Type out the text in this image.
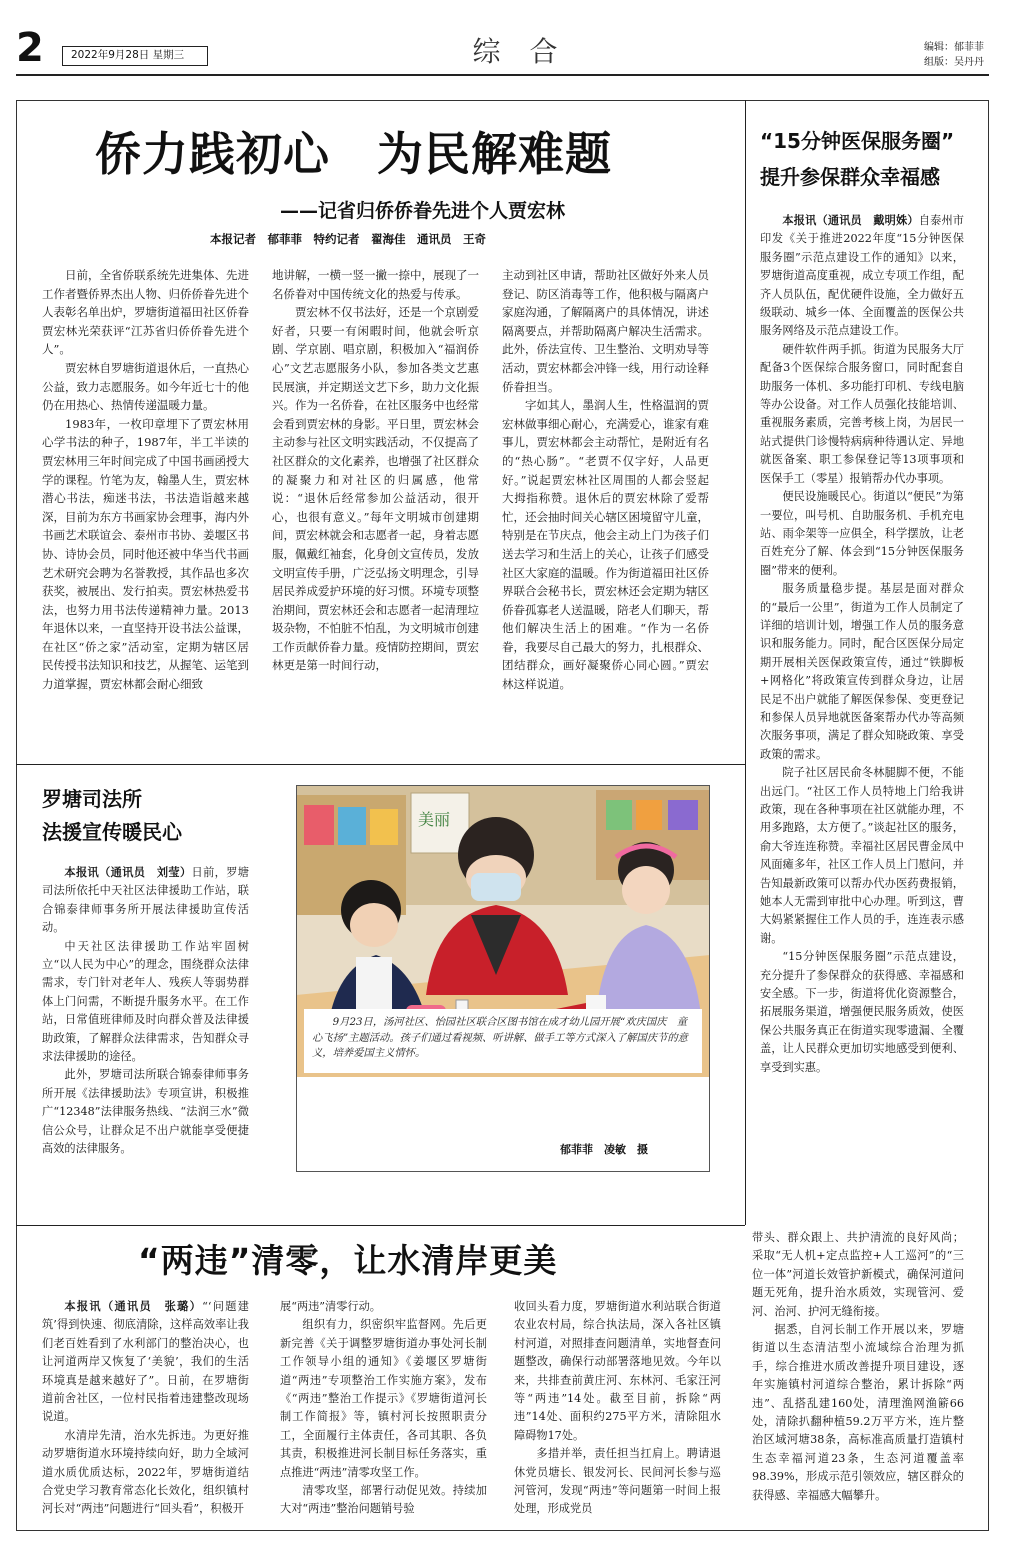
2	2022年9月28日 星期三	综 合	编辑：郁菲菲
组版：吴丹丹
侨力践初心　为民解难题
——记省归侨侨眷先进个人贾宏林
本报记者　郁菲菲　特约记者　翟海佳　通讯员　王奇

日前，全省侨联系统先进集体、先进工作者暨侨界杰出人物、归侨侨眷先进个人表彰名单出炉，罗塘街道福田社区侨眷贾宏林光荣获评“江苏省归侨侨眷先进个人”。

贾宏林自罗塘街道退休后，一直热心公益，致力志愿服务。如今年近七十的他仍在用热心、热情传递温暖力量。

1983年，一枚印章埋下了贾宏林用心学书法的种子，1987年，半工半读的贾宏林用三年时间完成了中国书画函授大学的课程。竹笔为友，翰墨人生，贾宏林潜心书法，痴迷书法，书法造诣越来越深，目前为东方书画家协会理事，海内外书画艺术联谊会、泰州市书协、姜堰区书协、诗协会员，同时他还被中华当代书画艺术研究会聘为名誉教授，其作品也多次获奖，被展出、发行拍卖。贾宏林热爱书法，也努力用书法传递精神力量。2013年退休以来，一直坚持开设书法公益课，在社区“侨之家”活动室，定期为辖区居民传授书法知识和技艺，从握笔、运笔到力道掌握，贾宏林都会耐心细致

地讲解，一横一竖一撇一捺中，展现了一名侨眷对中国传统文化的热爱与传承。

贾宏林不仅书法好，还是一个京剧爱好者，只要一有闲暇时间，他就会听京剧、学京剧、唱京剧，积极加入“福润侨心”文艺志愿服务小队，参加各类文艺惠民展演，并定期送文艺下乡，助力文化振兴。作为一名侨眷，在社区服务中也经常会看到贾宏林的身影。平日里，贾宏林会主动参与社区文明实践活动，不仅提高了社区群众的文化素养，也增强了社区群众的凝聚力和对社区的归属感，他常说：“退休后经常参加公益活动，很开心，也很有意义。”每年文明城市创建期间，贾宏林就会和志愿者一起，身着志愿服，佩戴红袖套，化身创文宣传员，发放文明宣传手册，广泛弘扬文明理念，引导居民养成爱护环境的好习惯。环境专项整治期间，贾宏林还会和志愿者一起清理垃圾杂物，不怕脏不怕乱，为文明城市创建工作贡献侨眷力量。疫情防控期间，贾宏林更是第一时间行动，

主动到社区申请，帮助社区做好外来人员登记、防区消毒等工作，他积极与隔离户家庭沟通，了解隔离户的具体情况，讲述隔离要点，并帮助隔离户解决生活需求。此外，侨法宣传、卫生整治、文明劝导等活动，贾宏林都会冲锋一线，用行动诠释侨眷担当。

字如其人，墨润人生，性格温润的贾宏林做事细心耐心，充满爱心，谁家有难事儿，贾宏林都会主动帮忙，是附近有名的“热心肠”。“老贾不仅字好，人品更好。”说起贾宏林社区周围的人都会竖起大拇指称赞。退休后的贾宏林除了爱帮忙，还会抽时间关心辖区困境留守儿童，特别是在节庆点，他会主动上门为孩子们送去学习和生活上的关心，让孩子们感受社区大家庭的温暖。作为街道福田社区侨界联合会秘书长，贾宏林还会定期为辖区侨眷孤寡老人送温暖，陪老人们聊天，帮他们解决生活上的困难。“作为一名侨眷，我要尽自己最大的努力，扎根群众、团结群众，画好凝聚侨心同心圆。”贾宏林这样说道。

“15分钟医保服务圈”
提升参保群众幸福感

本报讯（通讯员　戴明姝）自泰州市印发《关于推进2022年度“15分钟医保服务圈”示范点建设工作的通知》以来，罗塘街道高度重视，成立专项工作组，配齐人员队伍，配优硬件设施，全力做好五级联动、城乡一体、全面覆盖的医保公共服务网络及示范点建设工作。

硬件软件两手抓。街道为民服务大厅配备3个医保综合服务窗口，同时配套自助服务一体机、多功能打印机、专线电脑等办公设备。对工作人员强化技能培训、重视服务素质，完善考核上岗，为居民一站式提供门诊慢特病病种待遇认定、异地就医备案、职工参保登记等13项事项和医保手工（零星）报销帮办代办事项。

便民设施暖民心。街道以“便民”为第一要位，叫号机、自助服务机、手机充电站、雨伞架等一应俱全，科学摆放，让老百姓充分了解、体会到“15分钟医保服务圈”带来的便利。

服务质量稳步提。基层是面对群众的“最后一公里”，街道为工作人员制定了详细的培训计划，增强工作人员的服务意识和服务能力。同时，配合区医保分局定期开展相关医保政策宣传，通过“铁脚板+网格化”将政策宣传到群众身边，让居民足不出户就能了解医保参保、变更登记和参保人员异地就医备案帮办代办等高频次服务事项，满足了群众知晓政策、享受政策的需求。

院子社区居民俞冬林腿脚不便，不能出远门。“社区工作人员特地上门给我讲政策，现在各种事项在社区就能办理，不用多跑路，太方便了。”谈起社区的服务，俞大爷连连称赞。幸福社区居民曹金凤中风面瘫多年，社区工作人员上门慰问，并告知最新政策可以帮办代办医药费报销，她本人无需到审批中心办理。听到这，曹大妈紧紧握住工作人员的手，连连表示感谢。

“15分钟医保服务圈”示范点建设，充分提升了参保群众的获得感、幸福感和安全感。下一步，街道将优化资源整合，拓展服务渠道，增强便民服务质效，使医保公共服务真正在街道实现零遗漏、全覆盖，让人民群众更加切实地感受到便利、享受到实惠。

罗塘司法所
法援宣传暖民心

本报讯（通讯员　刘莹）日前，罗塘司法所依托中天社区法律援助工作站，联合锦泰律师事务所开展法律援助宣传活动。

中天社区法律援助工作站牢固树立“以人民为中心”的理念，围绕群众法律需求，专门针对老年人、残疾人等弱势群体上门问需，不断提升服务水平。在工作站，日常值班律师及时向群众普及法律援助政策，了解群众法律需求，告知群众寻求法律援助的途径。

此外，罗塘司法所联合锦泰律师事务所开展《法律援助法》专项宣讲，积极推广“12348”法律服务热线、“法润三水”微信公众号，让群众足不出户就能享受便捷高效的法律服务。

美丽
9月23日，汤河社区、怡园社区联合区图书馆在成才幼儿园开展“欢庆国庆　童心飞扬”主题活动。孩子们通过看视频、听讲解、做手工等方式深入了解国庆节的意义，培养爱国主义情怀。
郁菲菲　凌敏　摄
“两违”清零，让水清岸更美

本报讯（通讯员　张璐）“‘问题建筑’得到快速、彻底清除，这样高效率让我们老百姓看到了水利部门的整治决心，也让河道两岸又恢复了‘美貌’，我们的生活环境真是越来越好了”。日前，在罗塘街道前舍社区，一位村民指着违建整改现场说道。

水清岸先清，治水先拆违。为更好推动罗塘街道水环境持续向好，助力全域河道水质优质达标，2022年，罗塘街道结合党史学习教育常态化长效化，组织镇村河长对“两违”问题进行“回头看”，积极开

展“两违”清零行动。

组织有力，织密织牢监督网。先后更新完善《关于调整罗塘街道办事处河长制工作领导小组的通知》《姜堰区罗塘街道“两违”专项整治工作实施方案》，发布《“两违”整治工作提示》《罗塘街道河长制工作简报》等，镇村河长按照职责分工，全面履行主体责任，各司其职、各负其责，积极推进河长制目标任务落实，重点推进“两违”清零攻坚工作。

清零攻坚，部署行动促见效。持续加大对“两违”整治问题销号验

收回头看力度，罗塘街道水利站联合街道农业农村局，综合执法局，深入各社区镇村河道，对照排查问题清单，实地督查问题整改，确保行动部署落地见效。今年以来，共排查前黄庄河、东林河、毛家汪河等“两违”14处。截至目前，拆除“两违”14处、面积约275平方米，清除阻水障碍物17处。

多措并举，责任担当扛肩上。聘请退休党员塘长、银发河长、民间河长参与巡河管河，发现“两违”等问题第一时间上报处理，形成党员

带头、群众跟上、共护清流的良好风尚；采取“无人机+定点监控+人工巡河”的“三位一体”河道长效管护新模式，确保河道问题无死角，提升治水质效，实现管河、爱河、治河、护河无缝衔接。

据悉，自河长制工作开展以来，罗塘街道以生态清洁型小流域综合治理为抓手，综合推进水质改善提升项目建设，逐年实施镇村河道综合整治，累计拆除“两违”、乱搭乱建160处，清理渔网渔簖66处，清除扒翻种植59.2万平方米，连片整治区域河塘38条，高标准高质量打造镇村生态幸福河道23条，生态河道覆盖率98.39%，形成示范引领效应，辖区群众的获得感、幸福感大幅攀升。
